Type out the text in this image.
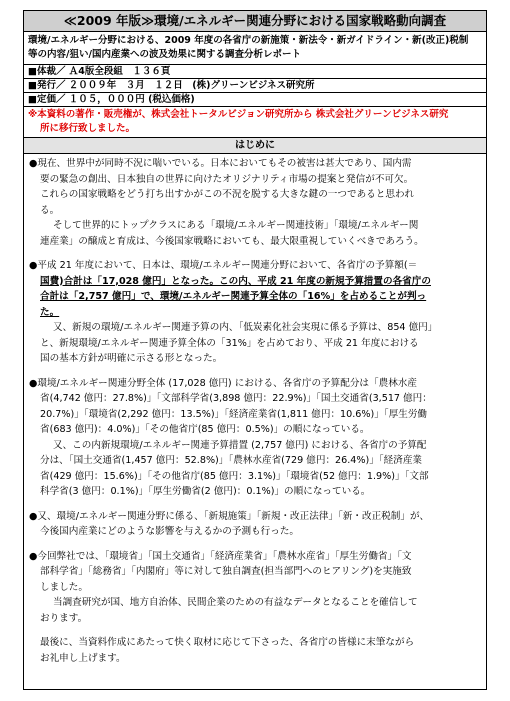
≪2009 年版≫環境/エネルギー関連分野における国家戦略動向調査
環境/エネルギー分野における、2009 年度の各省庁の新施策・新法令・新ガイドライン・新(改正)税制
等の内容/狙い/国内産業への波及効果に関する調査分析レポート
■体裁／ Ａ4版全段組　１３６頁
■発行／ ２００９年　３月　１２日　(株)グリーンビジネス研究所
■定価／ １０５，０００円 (税込価格)
※本資料の著作・販売権が、株式会社トータルビジョン研究所から 株式会社グリーンビジネス研究
所に移行致しました。
はじめに
●現在、世界中が同時不況に喘いでいる。日本においてもその被害は甚大であり、国内需
要の緊急の創出、日本独自の世界に向けたオリジナリティ市場の提案と発信が不可欠。
これらの国家戦略をどう打ち出すかがこの不況を脱する大きな鍵の一つであると思われ
る。
そして世界的にトップクラスにある「環境/エネルギー関連技術」「環境/エネルギー関
連産業」の醸成と育成は、今後国家戦略においても、最大限重視していくべきであろう。
●平成 21 年度において、日本は、環境/エネルギー関連分野において、各省庁の予算額(＝
国費)合計は「17,028 億円」となった。この内、平成 21 年度の新規予算措置の各省庁の
合計は「2,757 億円」で、環境/エネルギー関連予算全体の「16%」を占めることが判っ
た。
又、新規の環境/エネルギー関連予算の内、「低炭素化社会実現に係る予算は、854 億円」
と、新規環境/エネルギー関連予算全体の「31%」を占めており、平成 21 年度における
国の基本方針が明確に示さる形となった。
●環境/エネルギー関連分野全体 (17,028 億円) における、各省庁の予算配分は「農林水産
省(4,742 億円：27.8%)」「文部科学省(3,898 億円：22.9%)」「国土交通省(3,517 億円：
20.7%)」「環境省(2,292 億円：13.5%)」「経済産業省(1,811 億円：10.6%)」「厚生労働
省(683 億円)：4.0%)」「その他省庁(85 億円：0.5%)」の順になっている。
又、この内新規環境/エネルギー関連予算措置 (2,757 億円) における、各省庁の予算配
分は、「国土交通省(1,457 億円：52.8%)」「農林水産省(729 億円：26.4%)」「経済産業
省(429 億円：15.6%)」「その他省庁(85 億円：3.1%)」「環境省(52 億円：1.9%)」「文部
科学省(3 億円：0.1%)」「厚生労働省(2 億円)：0.1%)」の順になっている。
●又、環境/エネルギー関連分野に係る、「新規施策」「新規・改正法律」「新・改正税制」が、
今後国内産業にどのような影響を与えるかの予測も行った。
●今回弊社では、「環境省」「国土交通省」「経済産業省」「農林水産省」「厚生労働省」「文
部科学省」「総務省」「内閣府」等に対して独自調査(担当部門へのヒアリング)を実施致
しました。
当調査研究が国、地方自治体、民間企業のための有益なデータとなることを確信して
おります。
最後に、当資料作成にあたって快く取材に応じて下さった、各省庁の皆様に末筆ながら
お礼申し上げます。
